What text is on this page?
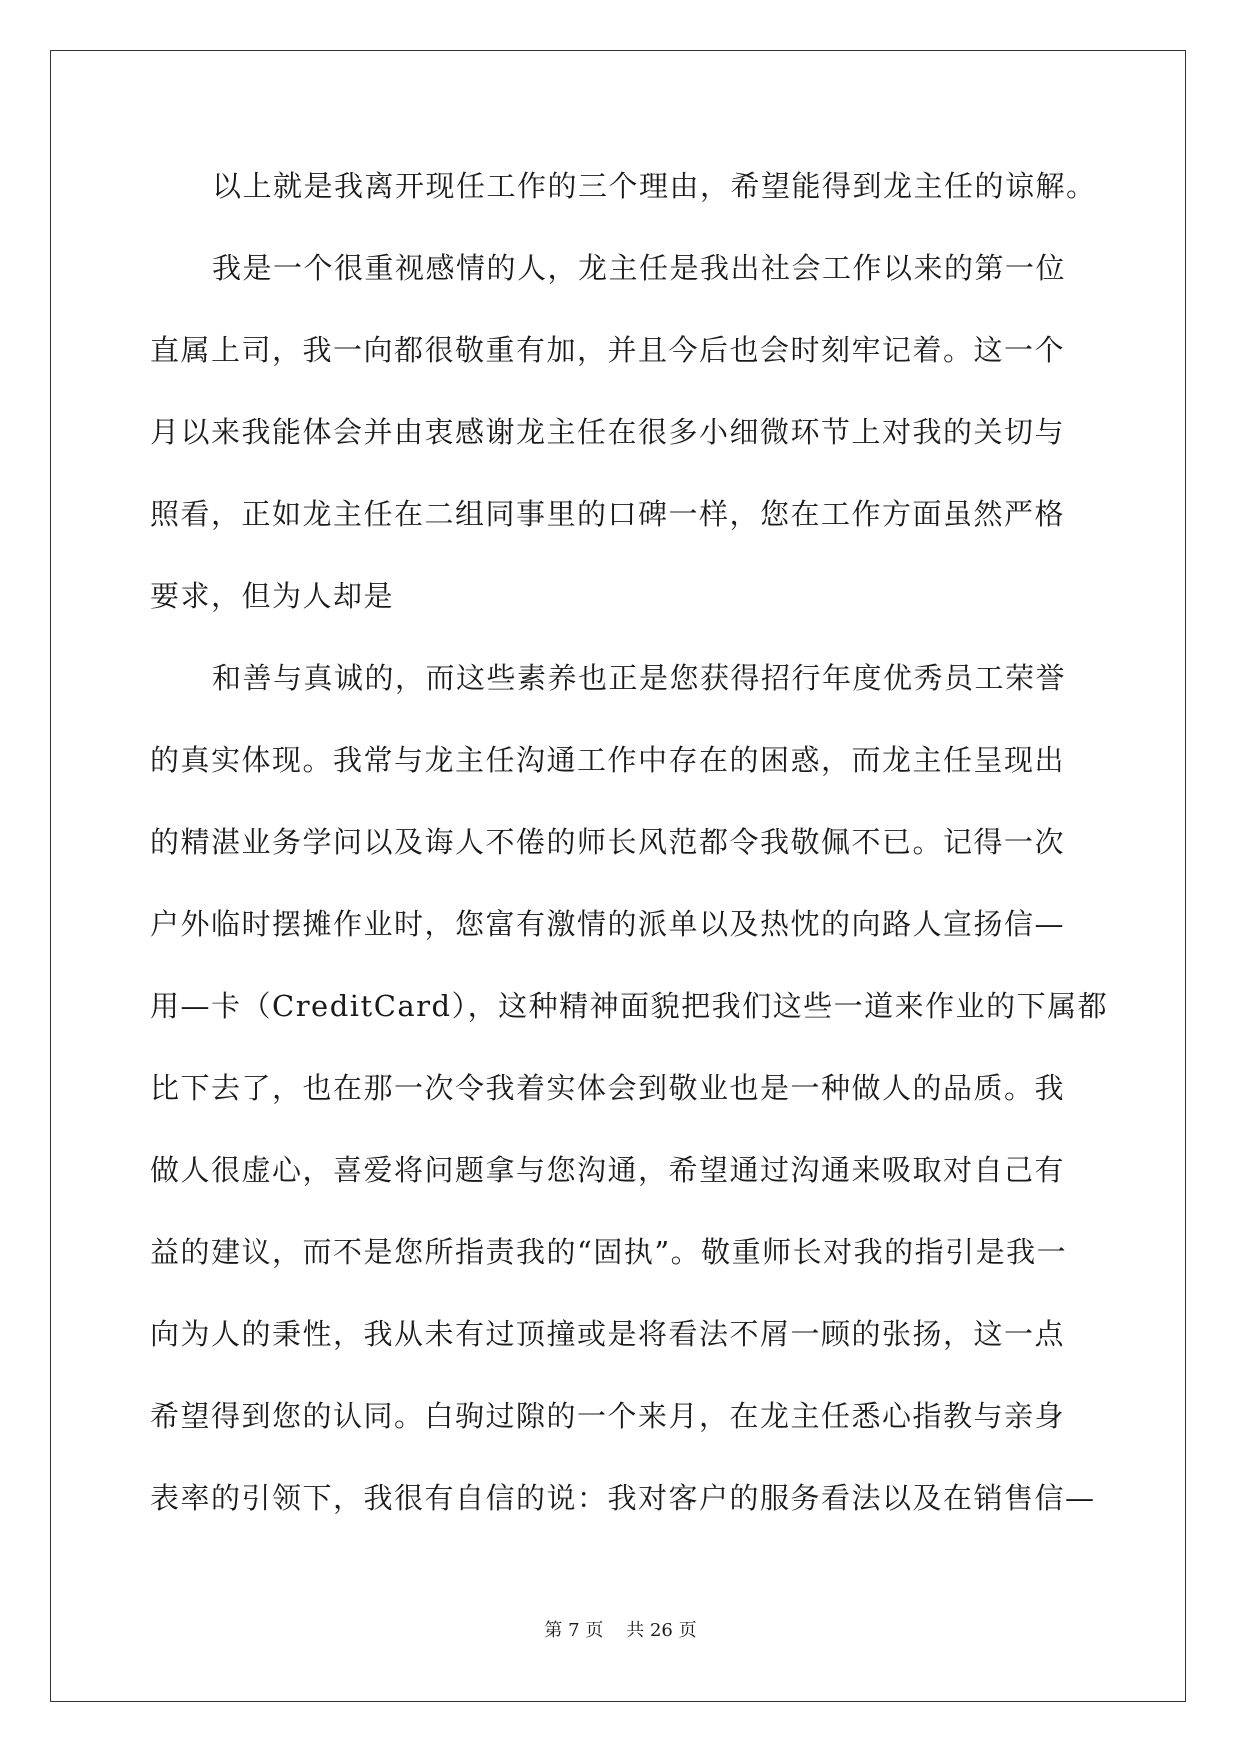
以上就是我离开现任工作的三个理由，希望能得到龙主任的谅解。
我是一个很重视感情的人，龙主任是我出社会工作以来的第一位
直属上司，我一向都很敬重有加，并且今后也会时刻牢记着。这一个
月以来我能体会并由衷感谢龙主任在很多小细微环节上对我的关切与
照看，正如龙主任在二组同事里的口碑一样，您在工作方面虽然严格
要求，但为人却是
和善与真诚的，而这些素养也正是您获得招行年度优秀员工荣誉
的真实体现。我常与龙主任沟通工作中存在的困惑，而龙主任呈现出
的精湛业务学问以及诲人不倦的师长风范都令我敬佩不已。记得一次
户外临时摆摊作业时，您富有激情的派单以及热忱的向路人宣扬信—
用—卡（CreditCard），这种精神面貌把我们这些一道来作业的下属都
比下去了，也在那一次令我着实体会到敬业也是一种做人的品质。我
做人很虚心，喜爱将问题拿与您沟通，希望通过沟通来吸取对自己有
益的建议，而不是您所指责我的“固执”。敬重师长对我的指引是我一
向为人的秉性，我从未有过顶撞或是将看法不屑一顾的张扬，这一点
希望得到您的认同。白驹过隙的一个来月，在龙主任悉心指教与亲身
表率的引领下，我很有自信的说：我对客户的服务看法以及在销售信—
第 7 页 共 26 页
